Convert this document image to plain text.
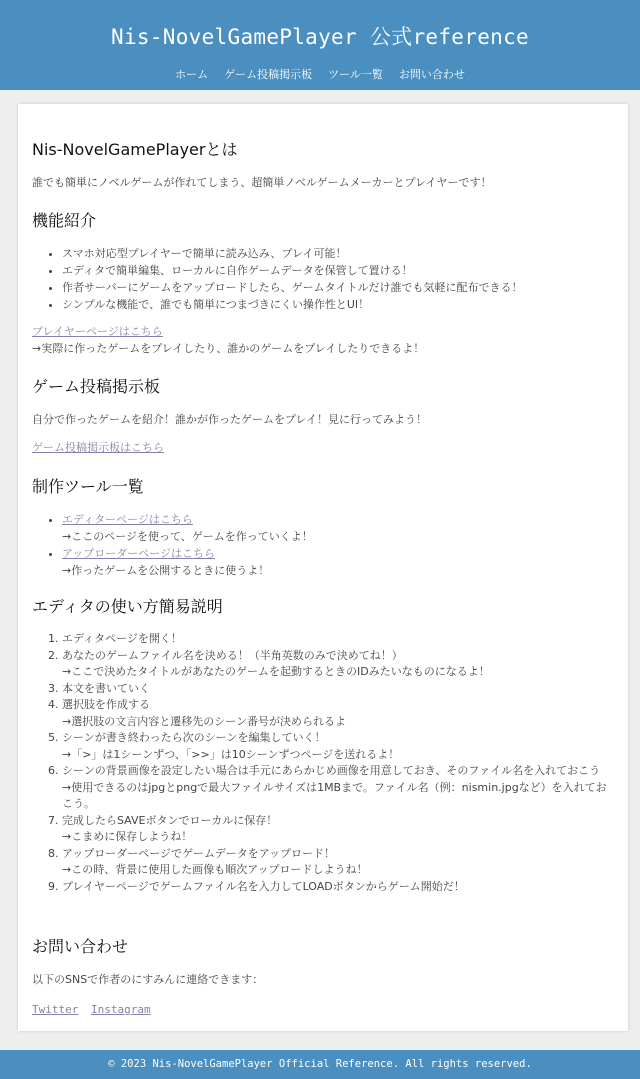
Nis-NovelGamePlayer 公式reference
ホーム ゲーム投稿掲示板 ツール一覧 お問い合わせ
Nis-NovelGamePlayerとは

誰でも簡単にノベルゲームが作れてしまう、超簡単ノベルゲームメーカーとプレイヤーです！

機能紹介
• スマホ対応型プレイヤーで簡単に読み込み、プレイ可能！
• エディタで簡単編集、ローカルに自作ゲームデータを保管して置ける！
• 作者サーバーにゲームをアップロードしたら、ゲームタイトルだけ誰でも気軽に配布できる！
• シンプルな機能で、誰でも簡単につまづきにくい操作性とUI！
プレイヤーページはこちら

→実際に作ったゲームをプレイしたり、誰かのゲームをプレイしたりできるよ！

ゲーム投稿掲示板

自分で作ったゲームを紹介！誰かが作ったゲームをプレイ！見に行ってみよう！

ゲーム投稿掲示板はこちら
制作ツール一覧
• エディターページはこちら
→ここのページを使って、ゲームを作っていくよ！
• アップローダーページはこちら
→作ったゲームを公開するときに使うよ！
エディタの使い方簡易説明
1. エディタページを開く！
2. あなたのゲームファイル名を決める！（半角英数のみで決めてね！）
→ここで決めたタイトルがあなたのゲームを起動するときのIDみたいなものになるよ！
3. 本文を書いていく
4. 選択肢を作成する
→選択肢の文言内容と遷移先のシーン番号が決められるよ
5. シーンが書き終わったら次のシーンを編集していく！
→「>」は1シーンずつ、「>>」は10シーンずつページを送れるよ！
6. シーンの背景画像を設定したい場合は手元にあらかじめ画像を用意しておき、そのファイル名を入れておこう
→使用できるのはjpgとpngで最大ファイルサイズは1MBまで。ファイル名（例：nismin.jpgなど）を入れておこう。
7. 完成したらSAVEボタンでローカルに保存！
→こまめに保存しようね！
8. アップローダーページでゲームデータをアップロード！
→この時、背景に使用した画像も順次アップロードしようね！
9. プレイヤーページでゲームファイル名を入力してLOADボタンからゲーム開始だ！
お問い合わせ

以下のSNSで作者のにすみんに連絡できます：

Twitter Instagram
© 2023 Nis-NovelGamePlayer Official Reference. All rights reserved.
